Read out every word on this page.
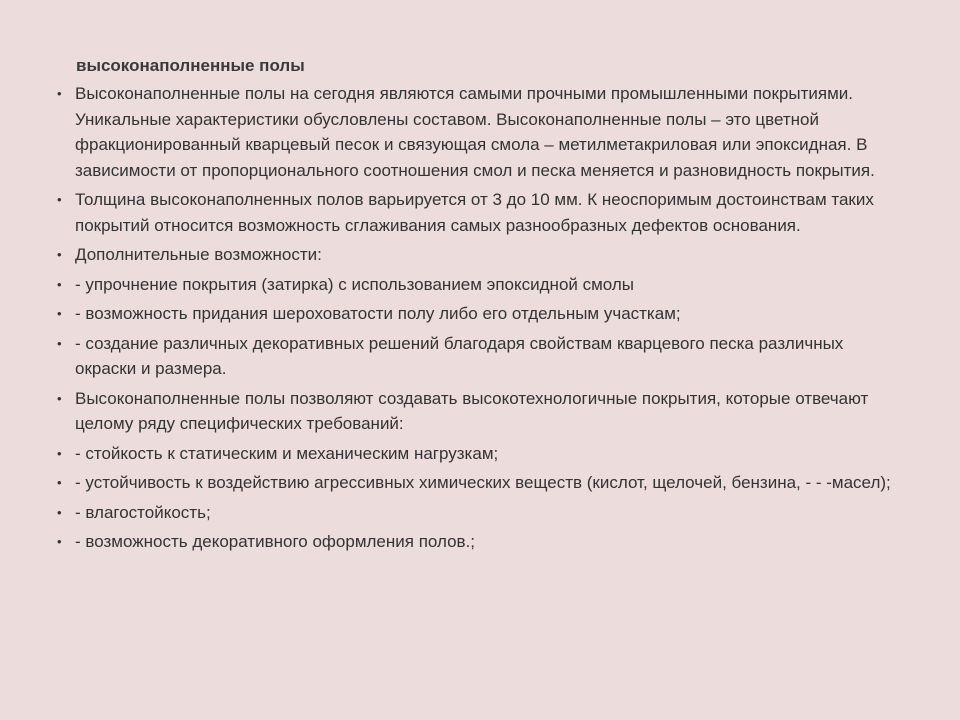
высоконаполненные полы
• Высоконаполненные полы на сегодня являются самыми прочными промышленными покрытиями. Уникальные характеристики обусловлены составом. Высоконаполненные полы – это цветной фракционированный кварцевый песок и связующая смола – метилметакриловая или эпоксидная. В зависимости от пропорционального соотношения смол и песка меняется и разновидность покрытия.
• Толщина высоконаполненных полов варьируется от 3 до 10 мм. К неоспоримым достоинствам таких покрытий относится возможность сглаживания самых разнообразных дефектов основания.
• Дополнительные возможности:
• - упрочнение покрытия (затирка) с использованием эпоксидной смолы
• - возможность придания шероховатости полу либо его отдельным участкам;
• - создание различных декоративных решений благодаря свойствам кварцевого песка различных окраски и размера.
• Высоконаполненные полы позволяют создавать высокотехнологичные покрытия, которые отвечают целому ряду специфических требований:
• - стойкость к статическим и механическим нагрузкам;
• - устойчивость к воздействию агрессивных химических веществ (кислот, щелочей, бензина, - - -масел);
• - влагостойкость;
• - возможность декоративного оформления полов.;
